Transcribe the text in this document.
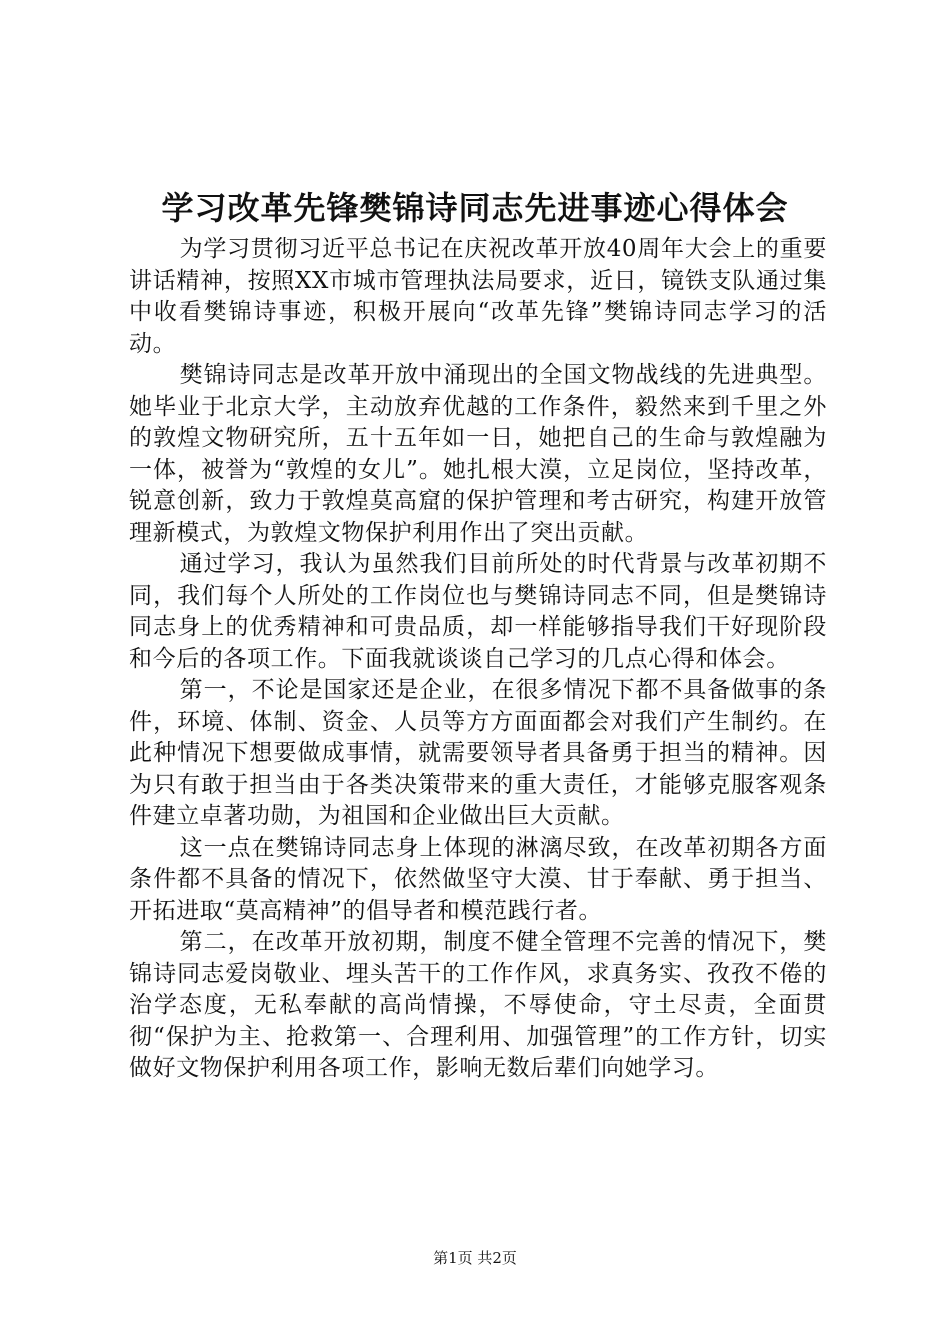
学习改革先锋樊锦诗同志先进事迹心得体会

为学习贯彻习近平总书记在庆祝改革开放40周年大会上的重要讲话精神，按照XX市城市管理执法局要求，近日，镜铁支队通过集中收看樊锦诗事迹，积极开展向“改革先锋”樊锦诗同志学习的活动。

樊锦诗同志是改革开放中涌现出的全国文物战线的先进典型。她毕业于北京大学，主动放弃优越的工作条件，毅然来到千里之外的敦煌文物研究所，五十五年如一日，她把自己的生命与敦煌融为一体，被誉为“敦煌的女儿”。她扎根大漠，立足岗位，坚持改革，锐意创新，致力于敦煌莫高窟的保护管理和考古研究，构建开放管理新模式，为敦煌文物保护利用作出了突出贡献。

通过学习，我认为虽然我们目前所处的时代背景与改革初期不同，我们每个人所处的工作岗位也与樊锦诗同志不同，但是樊锦诗同志身上的优秀精神和可贵品质，却一样能够指导我们干好现阶段和今后的各项工作。下面我就谈谈自己学习的几点心得和体会。

第一，不论是国家还是企业，在很多情况下都不具备做事的条件，环境、体制、资金、人员等方方面面都会对我们产生制约。在此种情况下想要做成事情，就需要领导者具备勇于担当的精神。因为只有敢于担当由于各类决策带来的重大责任，才能够克服客观条件建立卓著功勋，为祖国和企业做出巨大贡献。

这一点在樊锦诗同志身上体现的淋漓尽致，在改革初期各方面条件都不具备的情况下，依然做坚守大漠、甘于奉献、勇于担当、开拓进取“莫高精神”的倡导者和模范践行者。

第二，在改革开放初期，制度不健全管理不完善的情况下，樊锦诗同志爱岗敬业、埋头苦干的工作作风，求真务实、孜孜不倦的治学态度，无私奉献的高尚情操，不辱使命，守土尽责，全面贯彻“保护为主、抢救第一、合理利用、加强管理”的工作方针，切实做好文物保护利用各项工作，影响无数后辈们向她学习。

第1页 共2页
